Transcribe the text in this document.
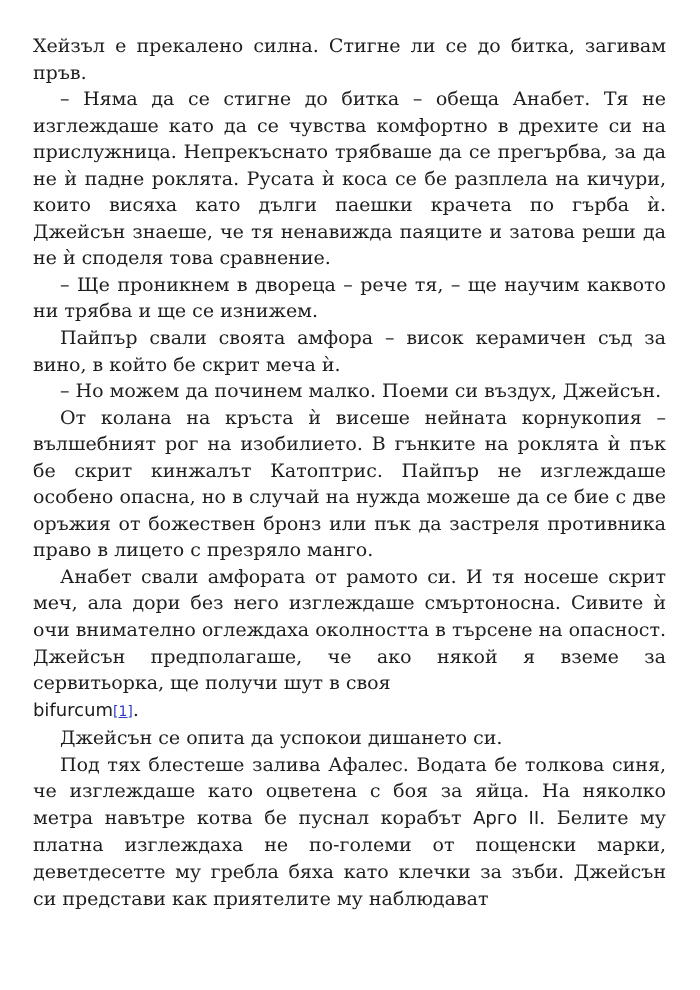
Хейзъл е прекалено силна. Стигне ли се до битка, загивам пръв.

– Няма да се стигне до битка – обеща Анабет. Тя не изглеждаше като да се чувства комфортно в дрехите си на прислужница. Непрекъснато трябваше да се прегърбва, за да не ѝ падне роклята. Русата ѝ коса се бе разплела на кичури, които висяха като дълги паешки крачета по гърба ѝ. Джейсън знаеше, че тя ненавижда паяците и затова реши да не ѝ споделя това сравнение.

– Ще проникнем в двореца – рече тя, – ще научим каквото ни трябва и ще се изнижем.

Пайпър свали своята амфора – висок керамичен съд за вино, в който бе скрит меча ѝ.

– Но можем да починем малко. Поеми си въздух, Джейсън.

От колана на кръста ѝ висеше нейната корнукопия – вълшебният рог на изобилието. В гънките на роклята ѝ пък бе скрит кинжалът Катоптрис. Пайпър не изглеждаше особено опасна, но в случай на нужда можеше да се бие с две оръжия от божествен бронз или пък да застреля противника право в лицето с презряло манго.

Анабет свали амфората от рамото си. И тя носеше скрит меч, ала дори без него изглеждаше смъртоносна. Сивите ѝ очи внимателно оглеждаха околността в търсене на опасност. Джейсън предполагаше, че ако някой я вземе за сервитьорка, ще получи шут в своя
bifurcum[1].

Джейсън се опита да успокои дишането си.

Под тях блестеше залива Афалес. Водата бе толкова синя, че изглеждаше като оцветена с боя за яйца. На няколко метра навътре котва бе пуснал корабът Арго II. Белите му платна изглеждаха не по-големи от пощенски марки, деветдесетте му гребла бяха като клечки за зъби. Джейсън си представи как приятелите му наблюдават
